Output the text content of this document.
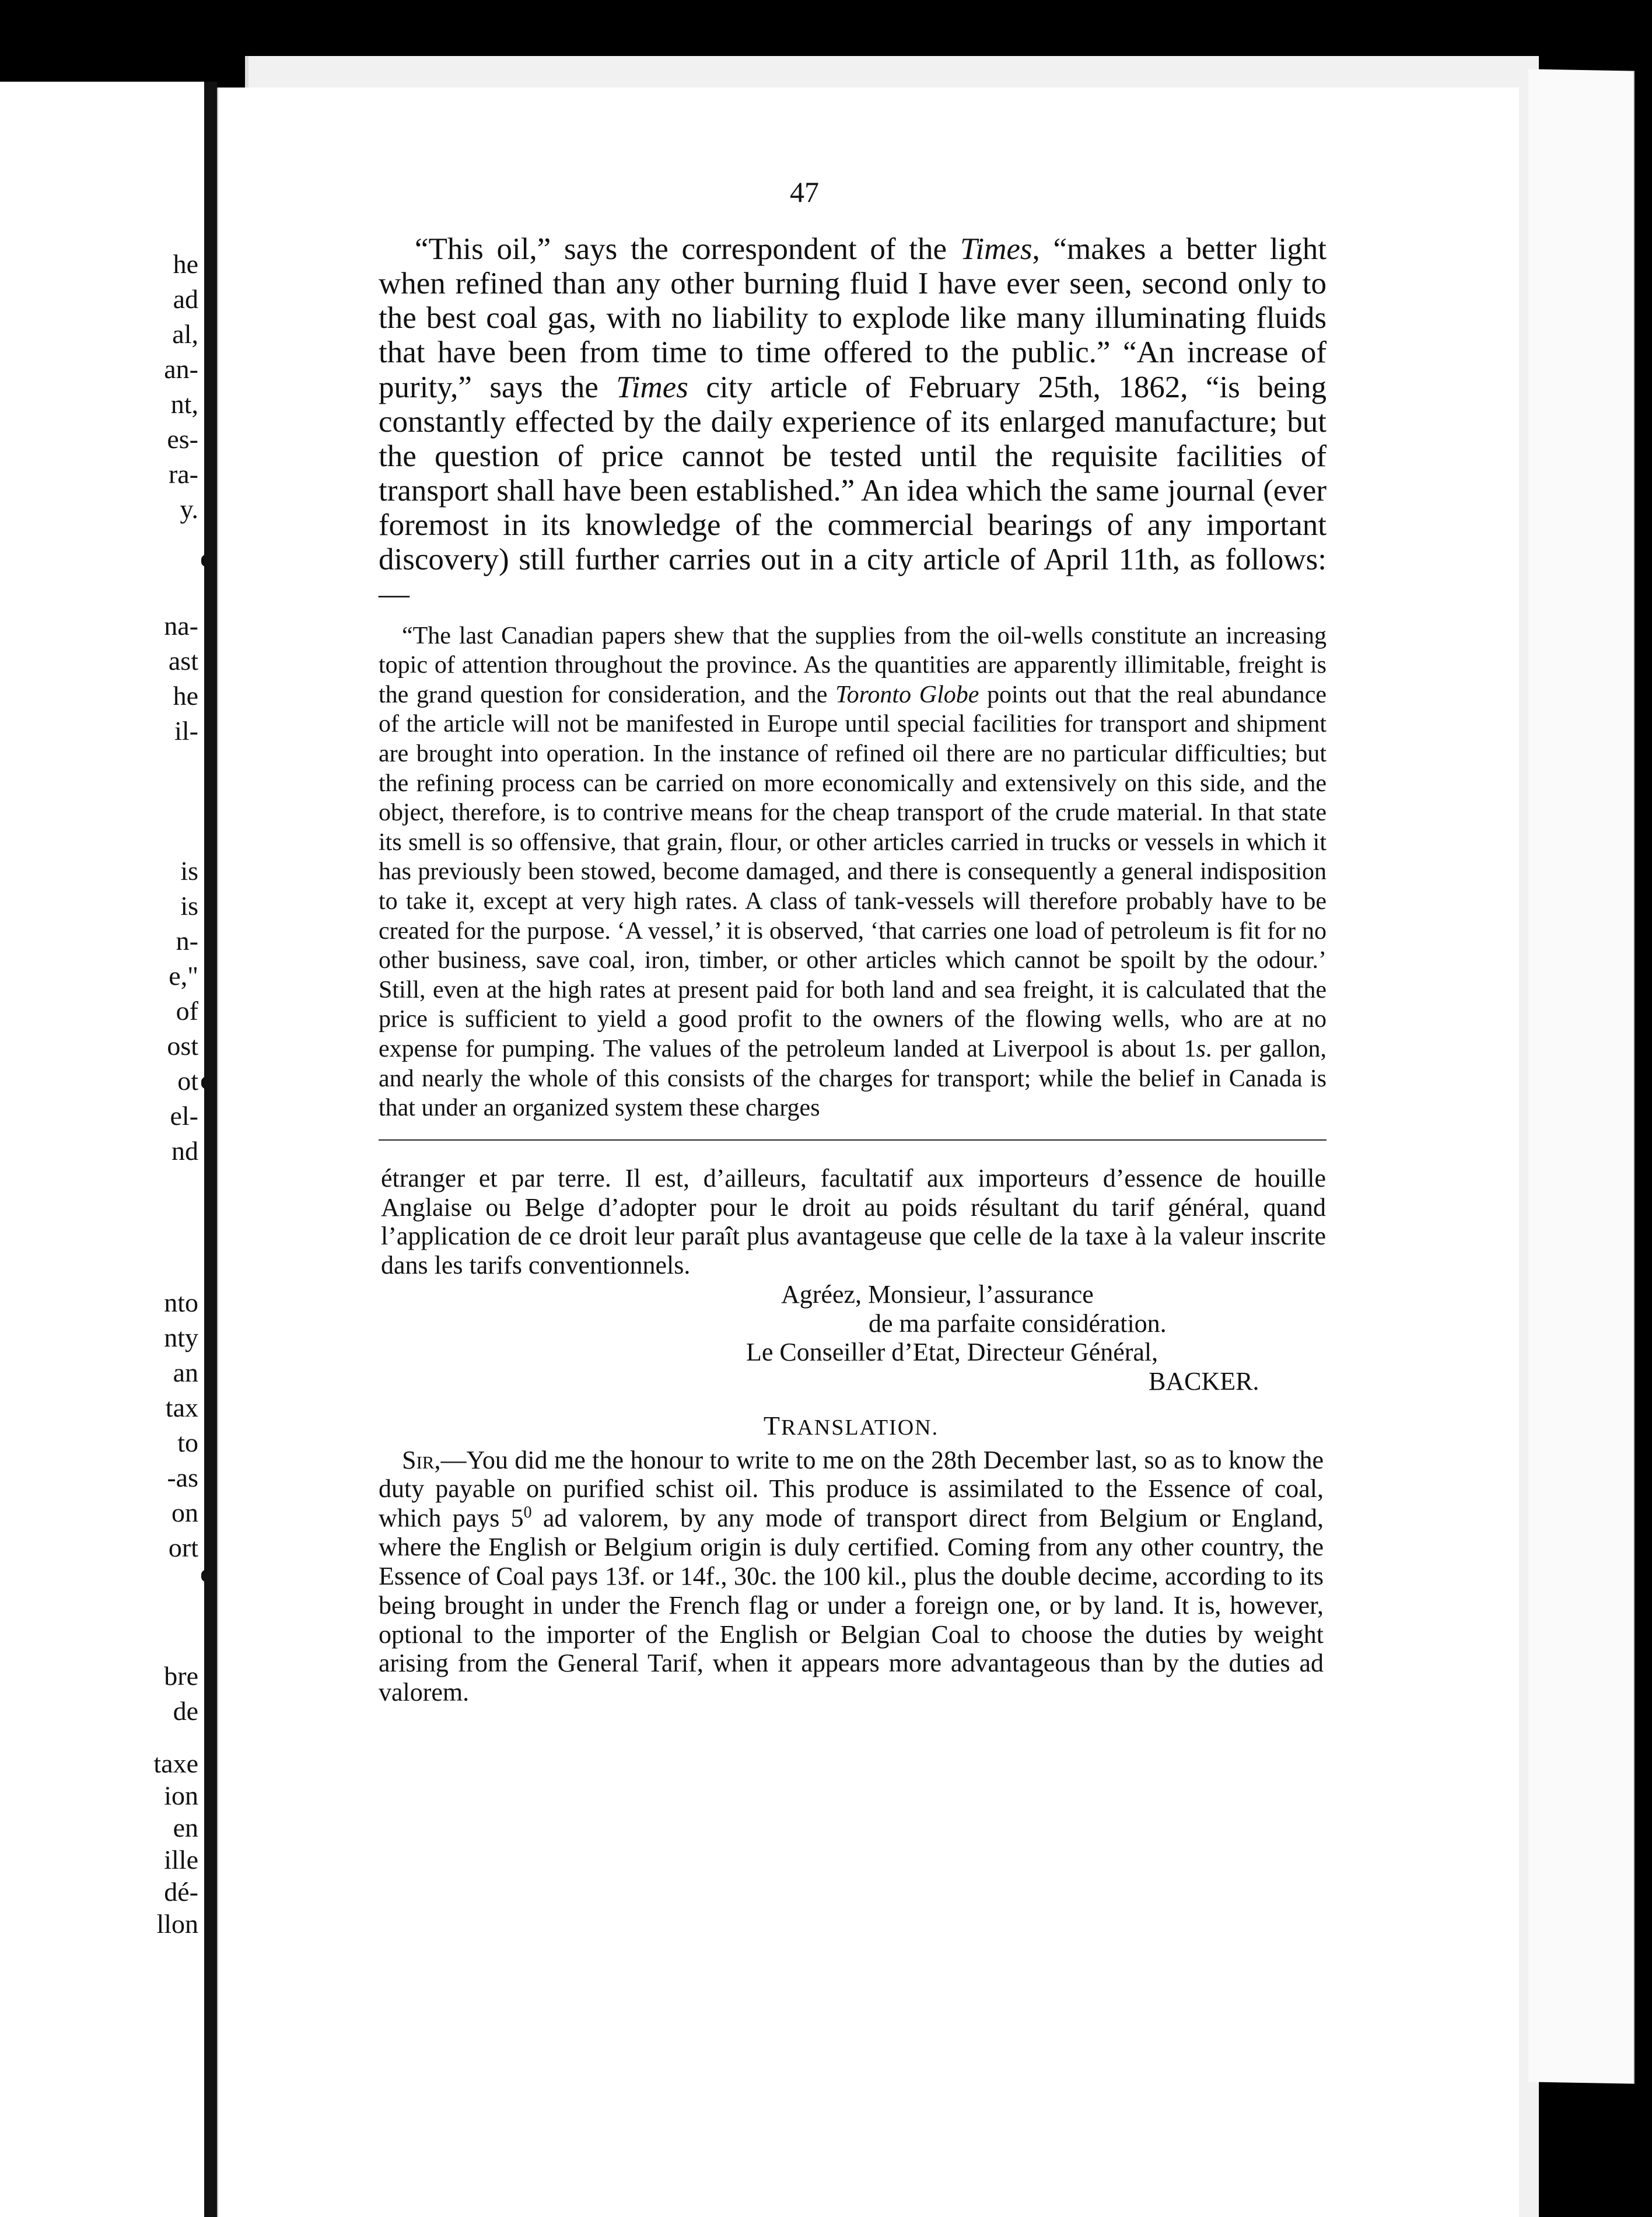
he
ad
al,
an-
nt,
es-
ra-
y.
na-
ast
he
il-
is
is
n-
e,"
of
ost
ot
el-
nd
nto
nty
an
tax
to
-as
on
ort
bre
de
taxe
ion
en
ille
dé-
llon
47

“This oil,” says the correspondent of the Times, “makes a better light when refined than any other burning fluid I have ever seen, second only to the best coal gas, with no liability to explode like many illuminating fluids that have been from time to time offered to the public.” “An increase of purity,” says the Times city article of February 25th, 1862, “is being constantly effected by the daily experience of its enlarged manufacture; but the question of price cannot be tested until the requisite facilities of transport shall have been established.” An idea which the same journal (ever foremost in its knowledge of the commercial bearings of any important discovery) still further carries out in a city article of April 11th, as follows:—

“The last Canadian papers shew that the supplies from the oil-wells constitute an increasing topic of attention throughout the province. As the quantities are apparently illimitable, freight is the grand question for consideration, and the Toronto Globe points out that the real abundance of the article will not be manifested in Europe until special facilities for transport and shipment are brought into operation. In the instance of refined oil there are no particular difficulties; but the refining process can be carried on more economically and extensively on this side, and the object, therefore, is to contrive means for the cheap transport of the crude material. In that state its smell is so offensive, that grain, flour, or other articles carried in trucks or vessels in which it has previously been stowed, become damaged, and there is consequently a general indisposition to take it, except at very high rates. A class of tank-vessels will therefore probably have to be created for the purpose. ‘A vessel,’ it is observed, ‘that carries one load of petroleum is fit for no other business, save coal, iron, timber, or other articles which cannot be spoilt by the odour.’ Still, even at the high rates at present paid for both land and sea freight, it is calculated that the price is sufficient to yield a good profit to the owners of the flowing wells, who are at no expense for pumping. The values of the petroleum landed at Liverpool is about 1s. per gallon, and nearly the whole of this consists of the charges for transport; while the belief in Canada is that under an organized system these charges

étranger et par terre. Il est, d’ailleurs, facultatif aux importeurs d’essence de houille Anglaise ou Belge d’adopter pour le droit au poids résultant du tarif général, quand l’application de ce droit leur paraît plus avantageuse que celle de la taxe à la valeur inscrite dans les tarifs conventionnels.

Agréez, Monsieur, l’assurance
de ma parfaite considération.
Le Conseiller d’Etat, Directeur Général,
BACKER.
TRANSLATION.

Sir,—You did me the honour to write to me on the 28th December last, so as to know the duty payable on purified schist oil. This produce is assimilated to the Essence of coal, which pays $5^0$ ad valorem, by any mode of transport direct from Belgium or England, where the English or Belgium origin is duly certified. Coming from any other country, the Essence of Coal pays 13f. or 14f., 30c. the 100 kil., plus the double decime, according to its being brought in under the French flag or under a foreign one, or by land. It is, however, optional to the importer of the English or Belgian Coal to choose the duties by weight arising from the General Tarif, when it appears more advantageous than by the duties ad valorem.
